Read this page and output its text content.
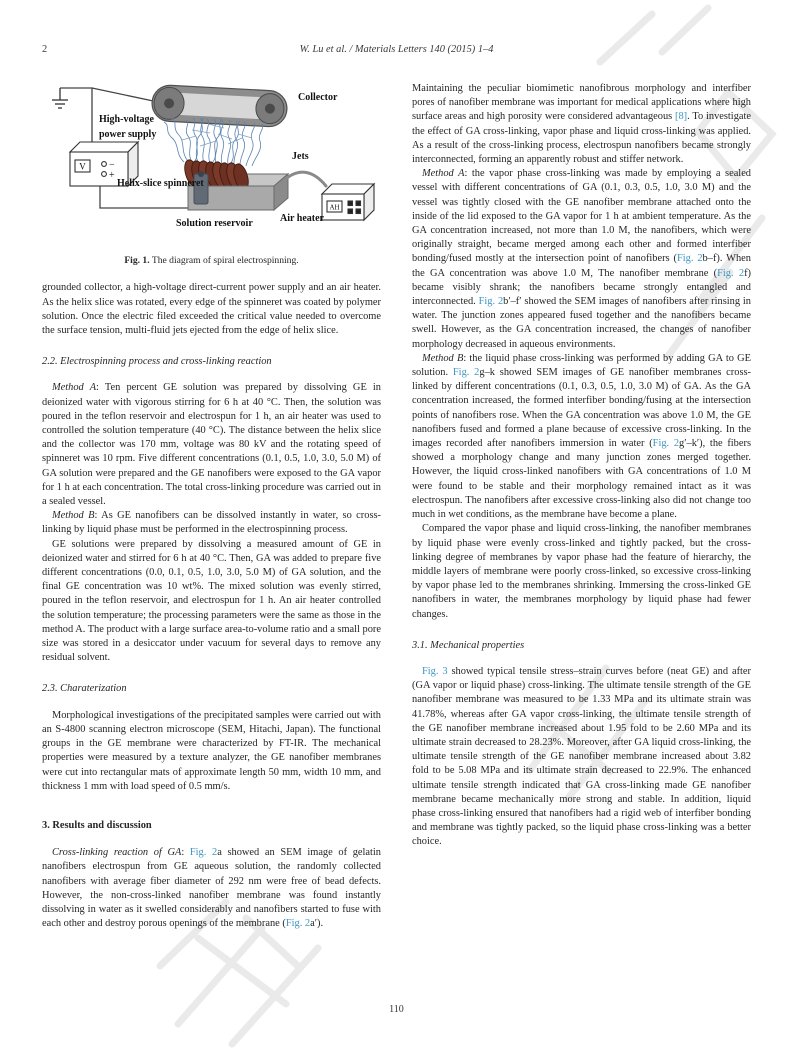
2	W. Lu et al. / Materials Letters 140 (2015) 1–4
Collector
V −
+
High-voltage
power supply
Jets
Helix-slice spinneret
Solution reservoir
AH
Air heater
Fig. 1. The diagram of spiral electrospinning.

grounded collector, a high-voltage direct-current power supply and an air heater. As the helix slice was rotated, every edge of the spinneret was coated by polymer solution. Once the electric filed exceeded the critical value needed to overcome the surface tension, multi-fluid jets ejected from the edge of helix slice.

2.2. Electrospinning process and cross-linking reaction

Method A: Ten percent GE solution was prepared by dissolving GE in deionized water with vigorous stirring for 6 h at 40 °C. Then, the solution was poured in the teflon reservoir and electrospun for 1 h, an air heater was used to controlled the solution temperature (40 °C). The distance between the helix slice and the collector was 170 mm, voltage was 80 kV and the rotating speed of spinneret was 10 rpm. Five different concentrations (0.1, 0.5, 1.0, 3.0, 5.0 M) of GA solution were prepared and the GE nanofibers were exposed to the GA vapor for 1 h at each concentration. The total cross-linking procedure was carried out in a sealed vessel.

Method B: As GE nanofibers can be dissolved instantly in water, so cross-linking by liquid phase must be performed in the electrospinning process.

GE solutions were prepared by dissolving a measured amount of GE in deionized water and stirred for 6 h at 40 °C. Then, GA was added to prepare five different concentrations (0.0, 0.1, 0.5, 1.0, 3.0, 5.0 M) of GA solution, and the final GE concentration was 10 wt%. The mixed solution was evenly stirred, poured in the teflon reservoir, and electrospun for 1 h. An air heater controlled the solution temperature; the processing parameters were the same as those in the method A. The product with a large surface area-to-volume ratio and a small pore size was stored in a desiccator under vacuum for several days to remove any residual solvent.

2.3. Charaterization

Morphological investigations of the precipitated samples were carried out with an S-4800 scanning electron microscope (SEM, Hitachi, Japan). The functional groups in the GE membrane were characterized by FT-IR. The mechanical properties were measured by a texture analyzer, the GE nanofiber membranes were cut into rectangular mats of approximate length 50 mm, width 10 mm, and thickness 1 mm with load speed of 0.5 mm/s.

3. Results and discussion

Cross-linking reaction of GA: Fig. 2a showed an SEM image of gelatin nanofibers electrospun from GE aqueous solution, the randomly collected nanofibers with average fiber diameter of 292 nm were free of bead defects. However, the non-cross-linked nanofiber membrane was found instantly dissolving in water as it swelled considerably and nanofibers started to fuse with each other and destroy porous openings of the membrane (Fig. 2a′).

Maintaining the peculiar biomimetic nanofibrous morphology and interfiber pores of nanofiber membrane was important for medical applications where high surface areas and high porosity were considered advantageous [8]. To investigate the effect of GA cross-linking, vapor phase and liquid cross-linking was applied. As a result of the cross-linking process, electrospun nanofibers became strongly interconnected, forming an apparently robust and stiffer network.

Method A: the vapor phase cross-linking was made by employing a sealed vessel with different concentrations of GA (0.1, 0.3, 0.5, 1.0, 3.0 M) and the vessel was tightly closed with the GE nanofiber membrane attached onto the inside of the lid exposed to the GA vapor for 1 h at ambient temperature. As the GA concentration increased, not more than 1.0 M, the nanofibers, which were originally straight, became merged among each other and formed interfiber bonding/fused mostly at the intersection point of nanofibers (Fig. 2b–f). When the GA concentration was above 1.0 M, The nanofiber membrane (Fig. 2f) became visibly shrank; the nanofibers became strongly entangled and interconnected. Fig. 2b′–f′ showed the SEM images of nanofibers after rinsing in water. The junction zones appeared fused together and the nanofibers became swell. However, as the GA concentration increased, the changes of nanofiber morphology decreased in aqueous environments.

Method B: the liquid phase cross-linking was performed by adding GA to GE solution. Fig. 2g–k showed SEM images of GE nanofiber membranes cross-linked by different concentrations (0.1, 0.3, 0.5, 1.0, 3.0 M) of GA. As the GA concentration increased, the formed interfiber bonding/fusing at the intersection points of nanofibers rose. When the GA concentration was above 1.0 M, the GE nanofibers fused and formed a plane because of excessive cross-linking. In the images recorded after nanofibers immersion in water (Fig. 2g′–k′), the fibers showed a morphology change and many junction zones merged together. However, the liquid cross-linked nanofibers with GA concentrations of 1.0 M were found to be stable and their morphology remained intact as it was electrospun. The nanofibers after excessive cross-linking also did not change too much in wet conditions, as the membrane have become a plane.

Compared the vapor phase and liquid cross-linking, the nanofiber membranes by liquid phase were evenly cross-linked and tightly packed, but the cross-linking degree of membranes by vapor phase had the feature of hierarchy, the middle layers of membrane were poorly cross-linked, so excessive cross-linking by vapor phase led to the membranes shrinking. Immersing the cross-linked GE nanofibers in water, the membranes morphology by liquid phase had fewer changes.

3.1. Mechanical properties

Fig. 3 showed typical tensile stress–strain curves before (neat GE) and after (GA vapor or liquid phase) cross-linking. The ultimate tensile strength of the GE nanofiber membrane was measured to be 1.33 MPa and its ultimate strain was 41.78%, whereas after GA vapor cross-linking, the ultimate tensile strength of the GE nanofiber membrane increased about 1.95 fold to be 2.60 MPa and its ultimate strain decreased to 28.23%. Moreover, after GA liquid cross-linking, the ultimate tensile strength of the GE nanofiber membrane increased about 3.82 fold to be 5.08 MPa and its ultimate strain decreased to 22.9%. The enhanced ultimate tensile strength indicated that GA cross-linking made GE nanofiber membrane became mechanically more strong and stable. In addition, liquid phase cross-linking ensured that nanofibers had a rigid web of interfiber bonding and membrane was tightly packed, so the liquid phase cross-linking was a better choice.

110
